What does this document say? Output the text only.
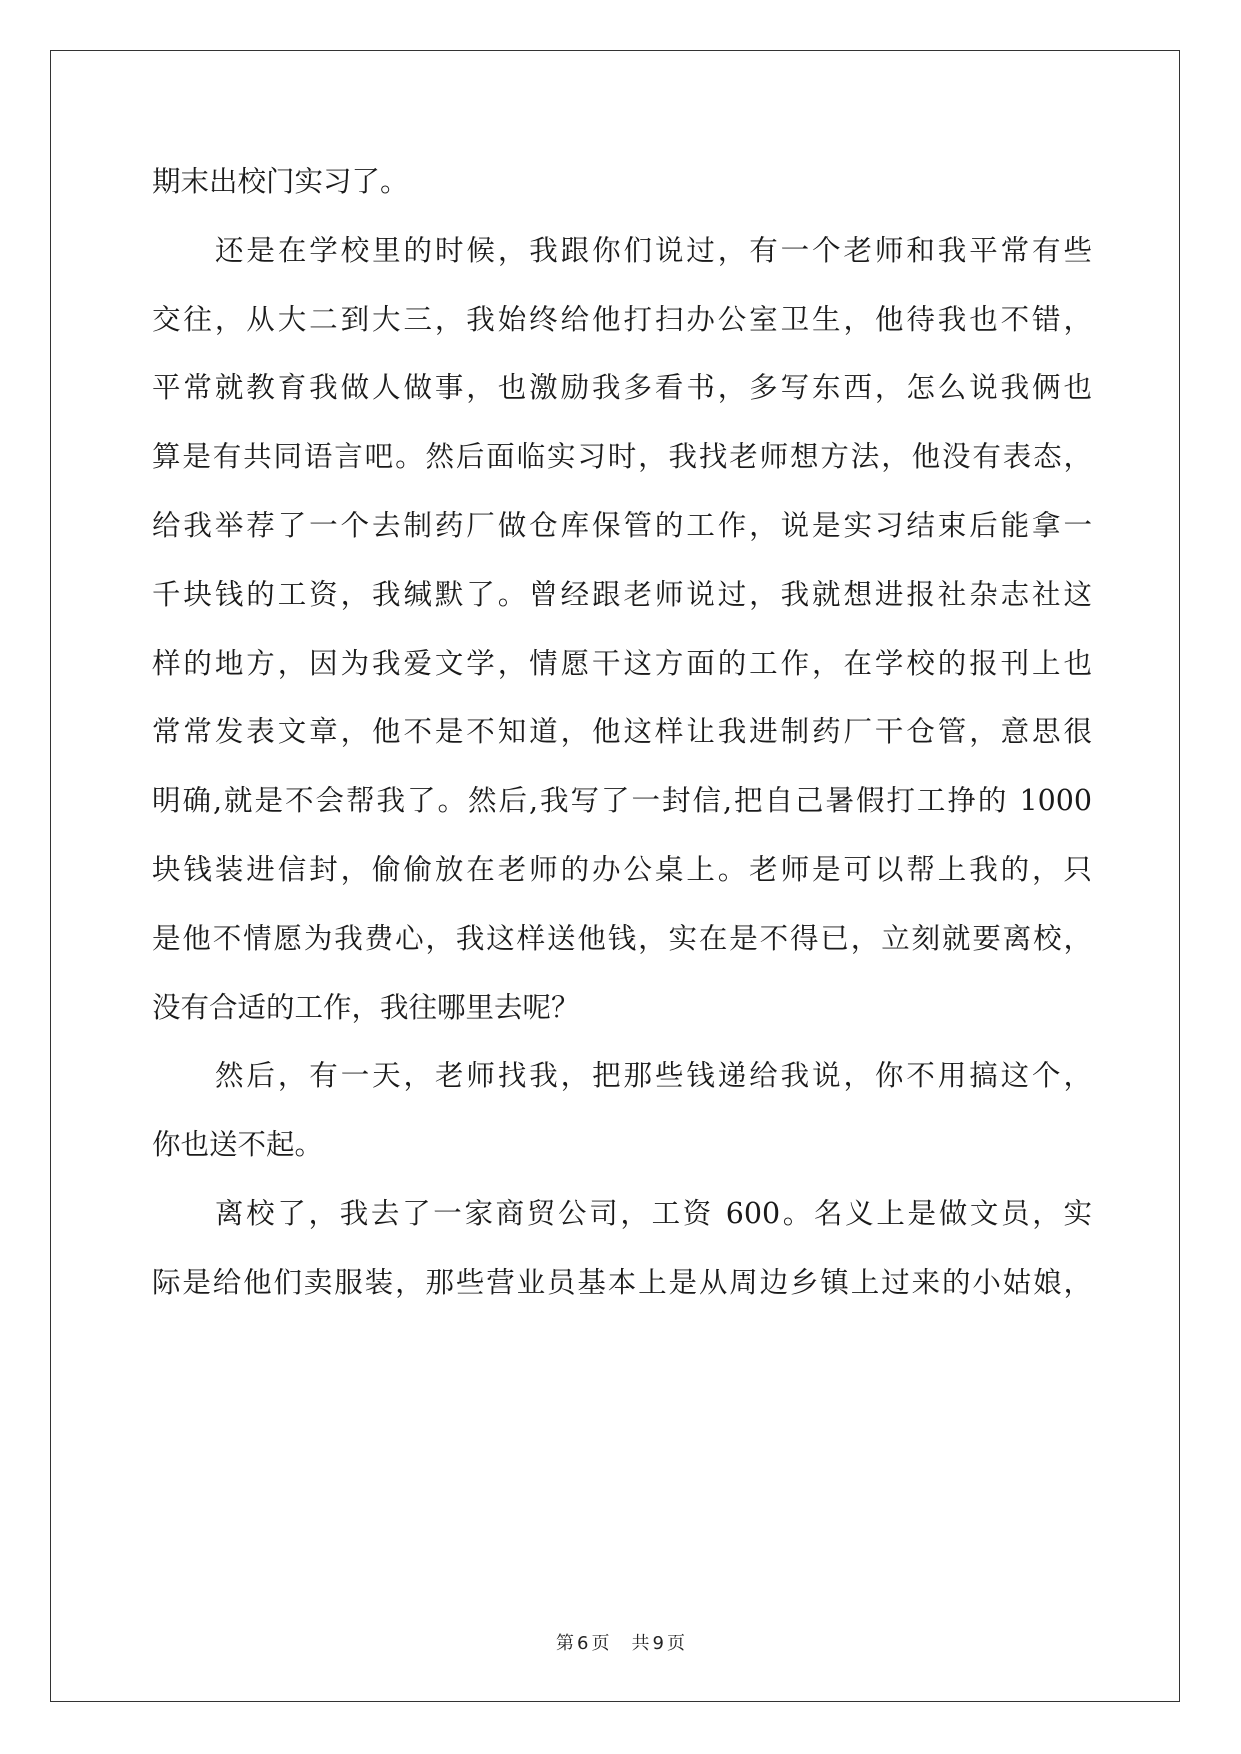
期末出校门实习了。
还是在学校里的时候，我跟你们说过，有一个老师和我平常有些
交往，从大二到大三，我始终给他打扫办公室卫生，他待我也不错，
平常就教育我做人做事，也激励我多看书，多写东西，怎么说我俩也
算是有共同语言吧。然后面临实习时，我找老师想方法，他没有表态，
给我举荐了一个去制药厂做仓库保管的工作，说是实习结束后能拿一
千块钱的工资，我缄默了。曾经跟老师说过，我就想进报社杂志社这
样的地方，因为我爱文学，情愿干这方面的工作，在学校的报刊上也
常常发表文章，他不是不知道，他这样让我进制药厂干仓管，意思很
明确,就是不会帮我了。然后,我写了一封信,把自己暑假打工挣的 1000
块钱装进信封，偷偷放在老师的办公桌上。老师是可以帮上我的，只
是他不情愿为我费心，我这样送他钱，实在是不得已，立刻就要离校，
没有合适的工作，我往哪里去呢？
然后，有一天，老师找我，把那些钱递给我说，你不用搞这个，
你也送不起。
离校了，我去了一家商贸公司，工资 600。名义上是做文员，实
际是给他们卖服装，那些营业员基本上是从周边乡镇上过来的小姑娘，
第 6 页 共 9 页
